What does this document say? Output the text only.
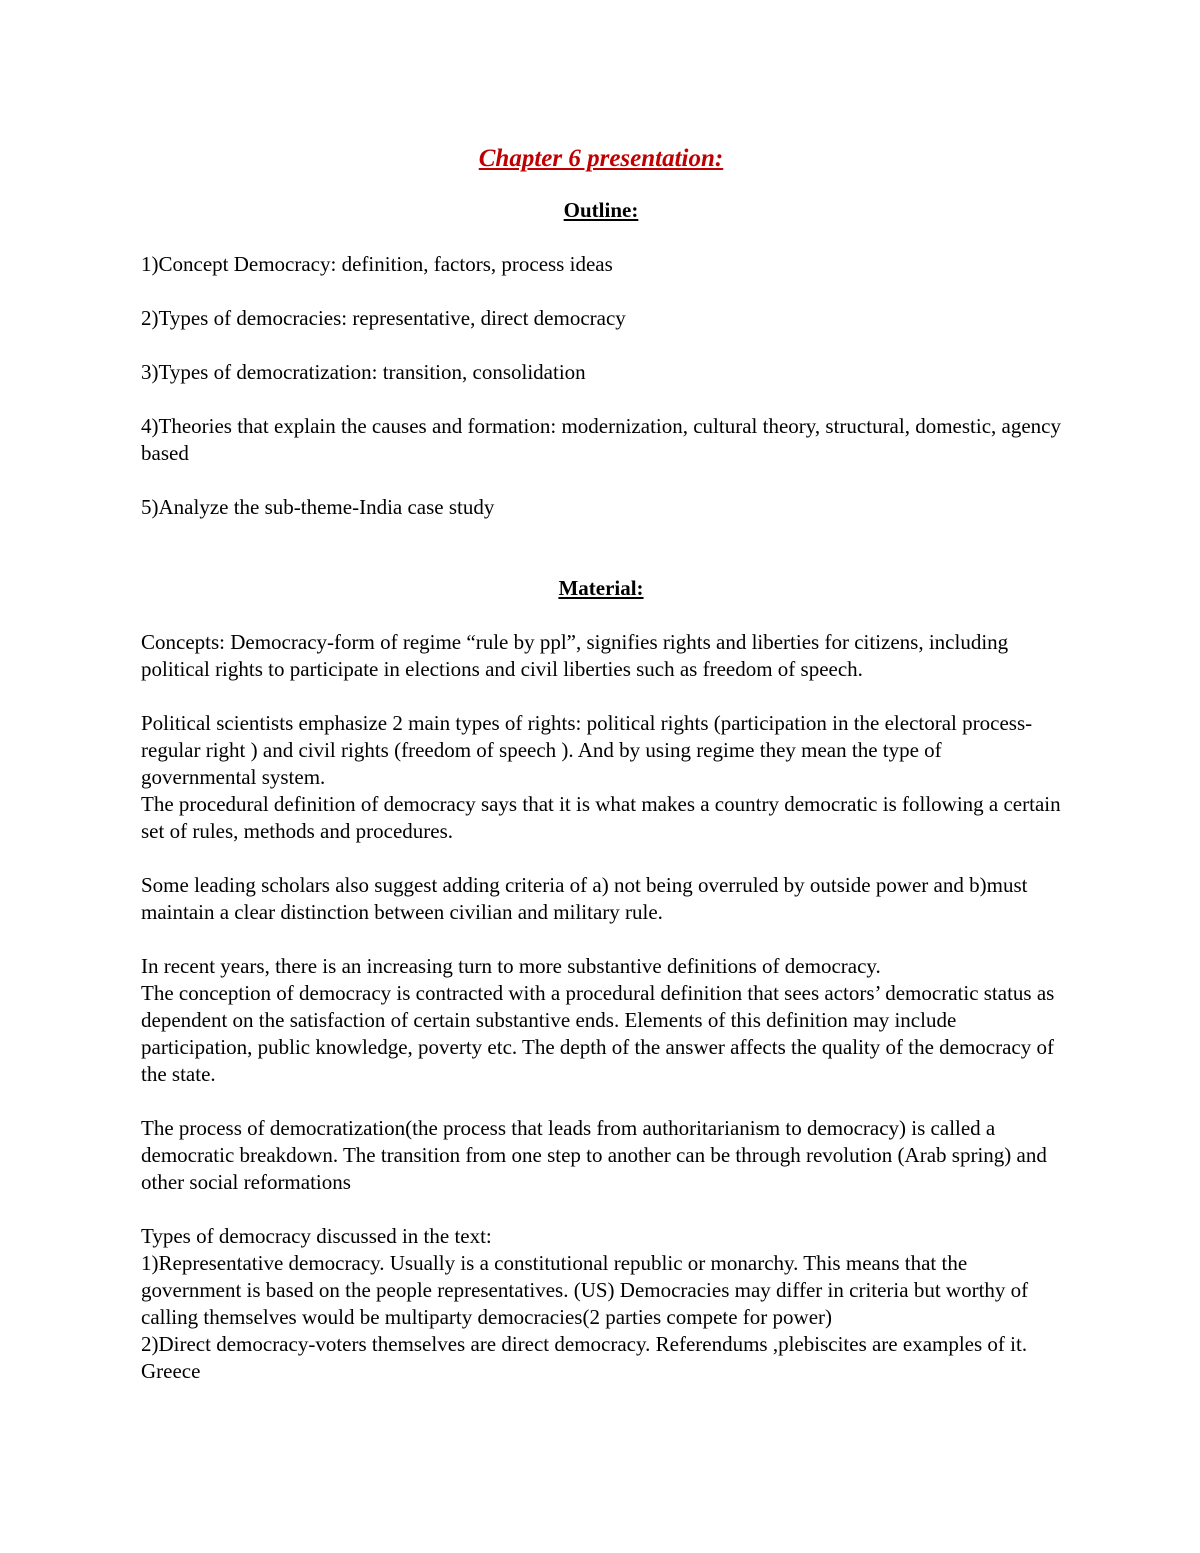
Chapter 6 presentation:
Outline:
1)Concept Democracy: definition, factors, process ideas
2)Types of democracies: representative, direct democracy
3)Types of democratization: transition, consolidation
4)Theories that explain the causes and formation: modernization, cultural theory, structural, domestic, agency based
5)Analyze the sub-theme-India case study
Material:
Concepts: Democracy-form of regime “rule by ppl”, signifies rights and liberties for citizens, including political rights to participate in elections and civil liberties such as freedom of speech.
Political scientists emphasize 2 main types of rights: political rights (participation in the electoral process- regular right ) and civil rights (freedom of speech ). And by using regime they mean the type of governmental system.
The procedural definition of democracy says that it is what makes a country democratic is following a certain set of rules, methods and procedures.
Some leading scholars also suggest adding criteria of a) not being overruled by outside power and b)must maintain a clear distinction between civilian and military rule.
In recent years, there is an increasing turn to more substantive definitions of democracy.
The conception of democracy is contracted with a procedural definition that sees actors’ democratic status as dependent on the satisfaction of certain substantive ends. Elements of this definition may include participation, public knowledge, poverty etc. The depth of the answer affects the quality of the democracy of the state.
The process of democratization(the process that leads from authoritarianism to democracy) is called a democratic breakdown. The transition from one step to another can be through revolution (Arab spring) and other social reformations
Types of democracy discussed in the text:
1)Representative democracy. Usually is a constitutional republic or monarchy. This means that the government is based on the people representatives. (US) Democracies may differ in criteria but worthy of calling themselves would be multiparty democracies(2 parties compete for power)
2)Direct democracy-voters themselves are direct democracy. Referendums ,plebiscites are examples of it. Greece
